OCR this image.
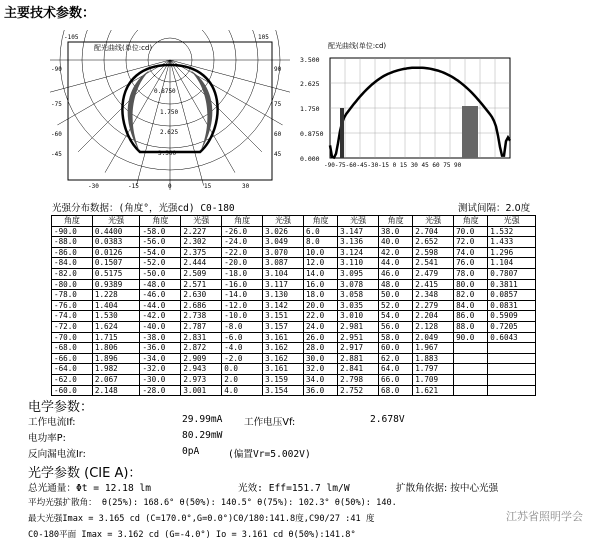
主要技术参数：
配光曲线(单位:cd)
-105	105
-90
-75
-60
-45
90
75
60
45
-30	-15	0	15	30
0.8750
1.750
2.625
3.500
配光曲线(单位:cd)
3.500
2.625
1.750
0.8750
0.000
-90-75-60-45-30-15 0 15 30 45 60 75 90
光强分布数据：(角度°，光强cd) C0-180	测试间隔：2.0度
角度	光强	角度	光强	角度	光强	角度	光强	角度	光强	角度	光强
-90.0	0.4400	-58.0	2.227	-26.0	3.026	6.0	3.147	38.0	2.704	70.0	1.532
-88.0	0.0383	-56.0	2.302	-24.0	3.049	8.0	3.136	40.0	2.652	72.0	1.433
-86.0	0.0126	-54.0	2.375	-22.0	3.070	10.0	3.124	42.0	2.598	74.0	1.296
-84.0	0.1507	-52.0	2.444	-20.0	3.087	12.0	3.110	44.0	2.541	76.0	1.104
-82.0	0.5175	-50.0	2.509	-18.0	3.104	14.0	3.095	46.0	2.479	78.0	0.7807
-80.0	0.9389	-48.0	2.571	-16.0	3.117	16.0	3.078	48.0	2.415	80.0	0.3811
-78.0	1.228	-46.0	2.630	-14.0	3.130	18.0	3.058	50.0	2.348	82.0	0.0857
-76.0	1.404	-44.0	2.686	-12.0	3.142	20.0	3.035	52.0	2.279	84.0	0.0831
-74.0	1.530	-42.0	2.738	-10.0	3.151	22.0	3.010	54.0	2.204	86.0	0.5909
-72.0	1.624	-40.0	2.787	-8.0	3.157	24.0	2.981	56.0	2.128	88.0	0.7205
-70.0	1.715	-38.0	2.831	-6.0	3.161	26.0	2.951	58.0	2.049	90.0	0.6043
-68.0	1.806	-36.0	2.872	-4.0	3.162	28.0	2.917	60.0	1.967		
-66.0	1.896	-34.0	2.909	-2.0	3.162	30.0	2.881	62.0	1.883		
-64.0	1.982	-32.0	2.943	0.0	3.161	32.0	2.841	64.0	1.797		
-62.0	2.067	-30.0	2.973	2.0	3.159	34.0	2.798	66.0	1.709		
-60.0	2.148	-28.0	3.001	4.0	3.154	36.0	2.752	68.0	1.621		
电学参数：
工作电流If:	29.99mA 工作电压Vf:	2.678V
电功率P:	80.29mW
反向漏电流Ir:	0pA	(偏置Vr=5.002V)
光学参数 (CIE A)：
总光通量：Φt = 12.18 lm	光效: Eff=151.7 lm/W	扩散角依据: 按中心光强
平均光强扩散角： θ(25%): 168.6° θ(50%): 140.5° θ(75%): 102.3° θ(50%): 140.
最大光强Imax = 3.165 cd (C=170.0°,G=0.0°)C0/180:141.8度,C90/27 :41 度
C0-180平面 Imax = 3.162 cd (G=-4.0°) Io = 3.161 cd θ(50%):141.8°
江苏省照明学会
